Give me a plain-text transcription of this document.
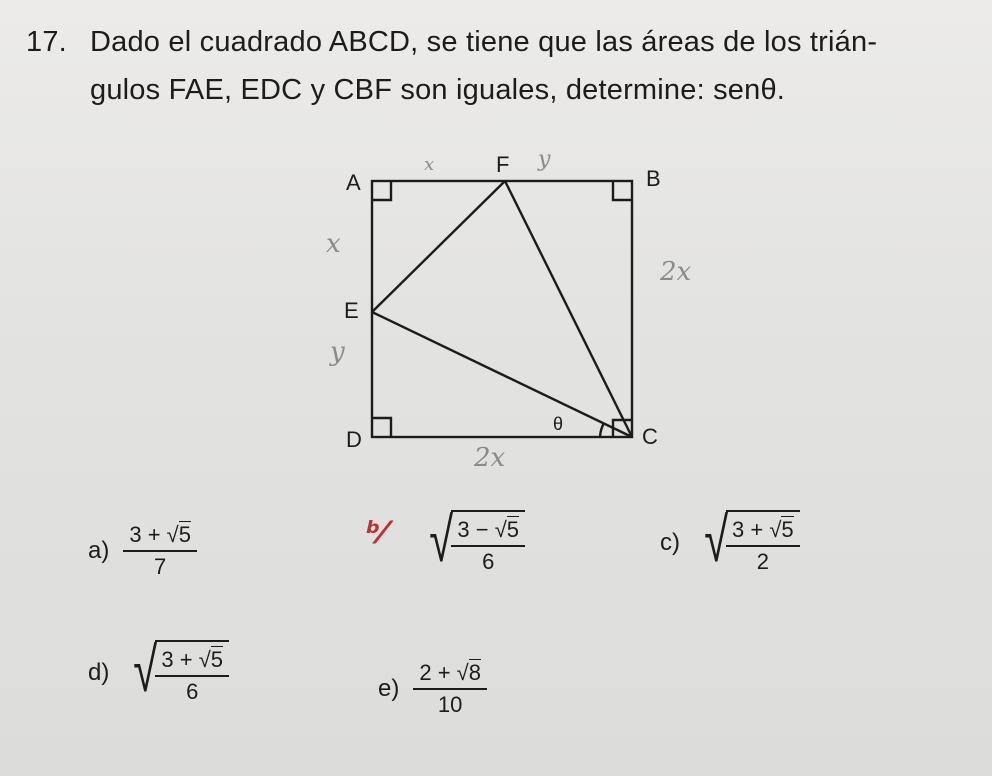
17. Dado el cuadrado ABCD, se tiene que las áreas de los trián-
gulos FAE, EDC y CBF son iguales, determine: senθ.
A	B
C
D
E
F
θ
x
y
x	y
2x
2x
$a) \frac{3 + √5}{7}$	ᵇ⁄ √
$\frac{3 - √5}{6}$	c) √
$\frac{3 + √5}{2}$
d) √
$\frac{3 + √5}{6}$	$e) \frac{2 + √8}{10}$
